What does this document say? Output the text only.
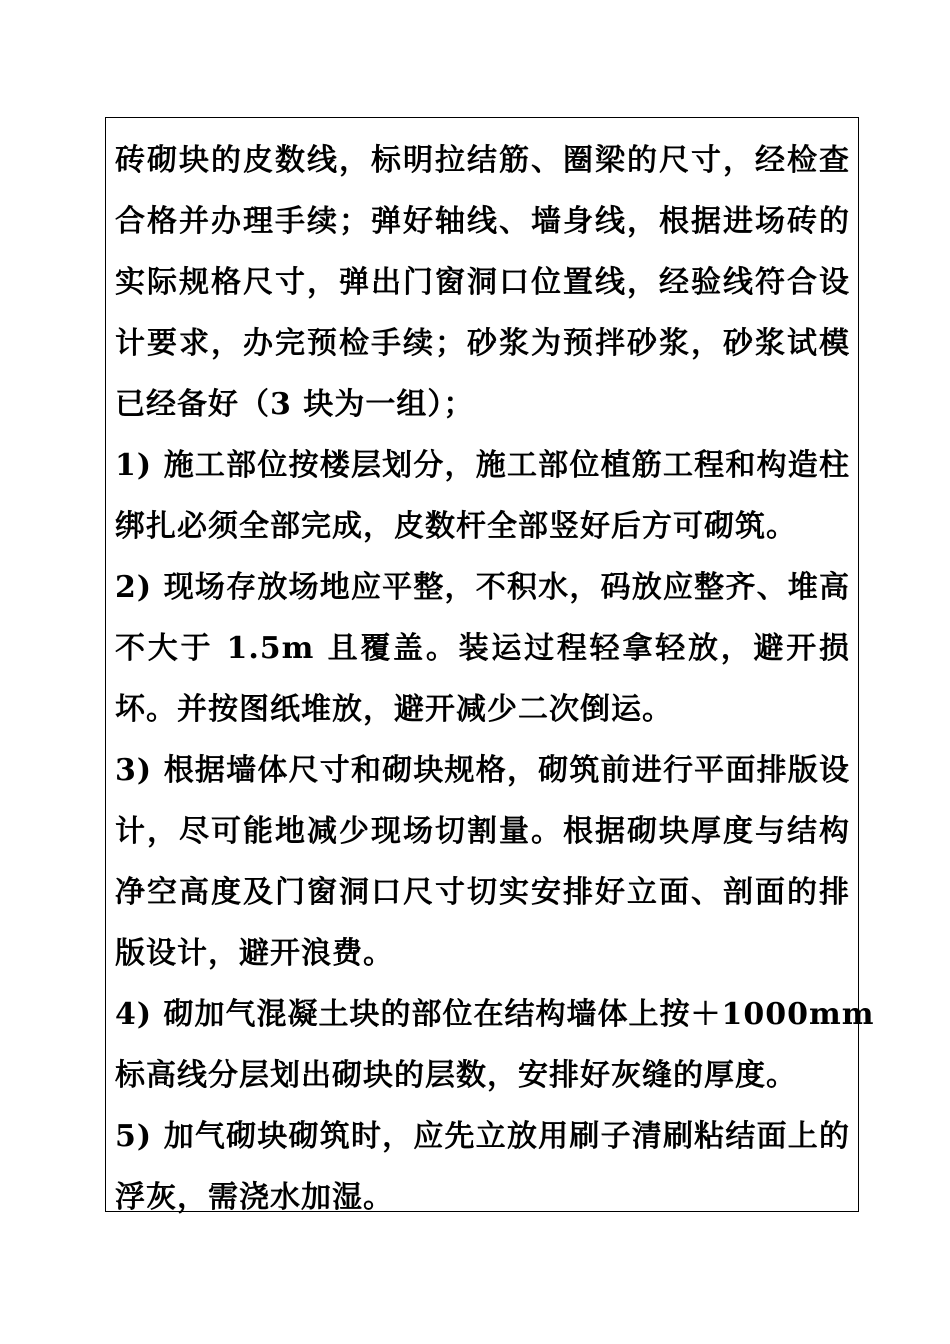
砖砌块的皮数线，标明拉结筋、圈梁的尺寸，经检查
合格并办理手续；弹好轴线、墙身线，根据进场砖的
实际规格尺寸，弹出门窗洞口位置线，经验线符合设
计要求，办完预检手续；砂浆为预拌砂浆，砂浆试模
已经备好（3 块为一组）；
1) 施工部位按楼层划分，施工部位植筋工程和构造柱
绑扎必须全部完成，皮数杆全部竖好后方可砌筑。
2) 现场存放场地应平整，不积水，码放应整齐、堆高
不大于 1.5m 且覆盖。装运过程轻拿轻放，避开损
坏。并按图纸堆放，避开减少二次倒运。
3) 根据墙体尺寸和砌块规格，砌筑前进行平面排版设
计，尽可能地减少现场切割量。根据砌块厚度与结构
净空高度及门窗洞口尺寸切实安排好立面、剖面的排
版设计，避开浪费。
4) 砌加气混凝土块的部位在结构墙体上按＋1000mm
标高线分层划出砌块的层数，安排好灰缝的厚度。
5) 加气砌块砌筑时，应先立放用刷子清刷粘结面上的
浮灰，需浇水加湿。
